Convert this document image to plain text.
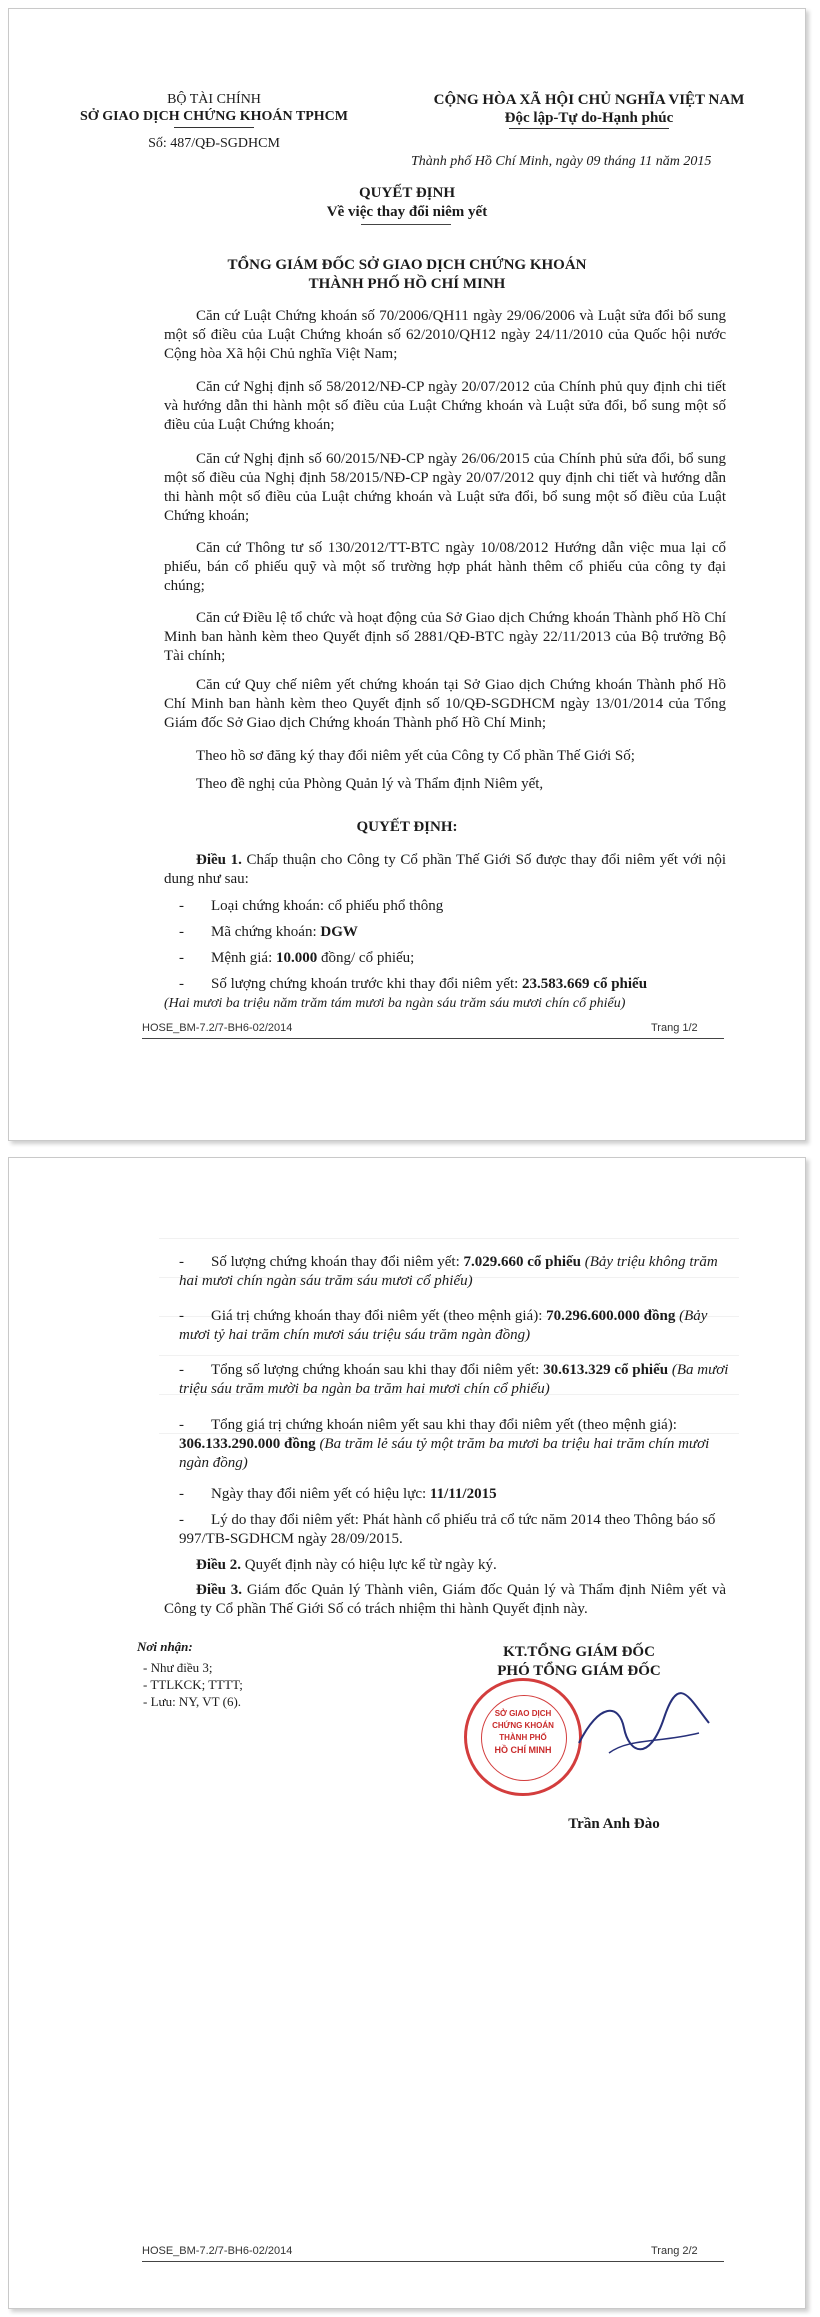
BỘ TÀI CHÍNH
SỞ GIAO DỊCH CHỨNG KHOÁN TPHCM
Số: 487/QĐ-SGDHCM
CỘNG HÒA XÃ HỘI CHỦ NGHĨA VIỆT NAM
Độc lập-Tự do-Hạnh phúc
Thành phố Hồ Chí Minh, ngày 09 tháng 11 năm 2015
QUYẾT ĐỊNH
Về việc thay đổi niêm yết
TỔNG GIÁM ĐỐC SỞ GIAO DỊCH CHỨNG KHOÁN
THÀNH PHỐ HỒ CHÍ MINH
Căn cứ Luật Chứng khoán số 70/2006/QH11 ngày 29/06/2006 và Luật sửa đổi bổ sung một số điều của Luật Chứng khoán số 62/2010/QH12 ngày 24/11/2010 của Quốc hội nước Cộng hòa Xã hội Chủ nghĩa Việt Nam;
Căn cứ Nghị định số 58/2012/NĐ-CP ngày 20/07/2012 của Chính phủ quy định chi tiết và hướng dẫn thi hành một số điều của Luật Chứng khoán và Luật sửa đổi, bổ sung một số điều của Luật Chứng khoán;
Căn cứ Nghị định số 60/2015/NĐ-CP ngày 26/06/2015 của Chính phủ sửa đổi, bổ sung một số điều của Nghị định 58/2015/NĐ-CP ngày 20/07/2012 quy định chi tiết và hướng dẫn thi hành một số điều của Luật chứng khoán và Luật sửa đổi, bổ sung một số điều của Luật Chứng khoán;
Căn cứ Thông tư số 130/2012/TT-BTC ngày 10/08/2012 Hướng dẫn việc mua lại cổ phiếu, bán cổ phiếu quỹ và một số trường hợp phát hành thêm cổ phiếu của công ty đại chúng;
Căn cứ Điều lệ tổ chức và hoạt động của Sở Giao dịch Chứng khoán Thành phố Hồ Chí Minh ban hành kèm theo Quyết định số 2881/QĐ-BTC ngày 22/11/2013 của Bộ trưởng Bộ Tài chính;
Căn cứ Quy chế niêm yết chứng khoán tại Sở Giao dịch Chứng khoán Thành phố Hồ Chí Minh ban hành kèm theo Quyết định số 10/QĐ-SGDHCM ngày 13/01/2014 của Tổng Giám đốc Sở Giao dịch Chứng khoán Thành phố Hồ Chí Minh;
Theo hồ sơ đăng ký thay đổi niêm yết của Công ty Cổ phần Thế Giới Số;
Theo đề nghị của Phòng Quản lý và Thẩm định Niêm yết,
QUYẾT ĐỊNH:
Điều 1. Chấp thuận cho Công ty Cổ phần Thế Giới Số được thay đổi niêm yết với nội dung như sau:
- Loại chứng khoán: cổ phiếu phổ thông
- Mã chứng khoán: DGW
- Mệnh giá: 10.000 đồng/ cổ phiếu;
- Số lượng chứng khoán trước khi thay đổi niêm yết: 23.583.669 cổ phiếu
(Hai mươi ba triệu năm trăm tám mươi ba ngàn sáu trăm sáu mươi chín cổ phiếu)
HOSE_BM-7.2/7-BH6-02/2014	Trang 1/2
- Số lượng chứng khoán thay đổi niêm yết: 7.029.660 cổ phiếu (Bảy triệu không trăm hai mươi chín ngàn sáu trăm sáu mươi cổ phiếu)
- Giá trị chứng khoán thay đổi niêm yết (theo mệnh giá): 70.296.600.000 đồng (Bảy mươi tỷ hai trăm chín mươi sáu triệu sáu trăm ngàn đồng)
- Tổng số lượng chứng khoán sau khi thay đổi niêm yết: 30.613.329 cổ phiếu (Ba mươi triệu sáu trăm mười ba ngàn ba trăm hai mươi chín cổ phiếu)
- Tổng giá trị chứng khoán niêm yết sau khi thay đổi niêm yết (theo mệnh giá): 306.133.290.000 đồng (Ba trăm lẻ sáu tỷ một trăm ba mươi ba triệu hai trăm chín mươi ngàn đồng)
- Ngày thay đổi niêm yết có hiệu lực: 11/11/2015
- Lý do thay đổi niêm yết: Phát hành cổ phiếu trả cổ tức năm 2014 theo Thông báo số 997/TB-SGDHCM ngày 28/09/2015.
Điều 2. Quyết định này có hiệu lực kể từ ngày ký.
Điều 3. Giám đốc Quản lý Thành viên, Giám đốc Quản lý và Thẩm định Niêm yết và Công ty Cổ phần Thế Giới Số có trách nhiệm thi hành Quyết định này.
Nơi nhận:
- Như điều 3;
- TTLKCK; TTTT;
- Lưu: NY, VT (6).
KT.TỔNG GIÁM ĐỐC
PHÓ TỔNG GIÁM ĐỐC
SỞ GIAO DỊCH
CHỨNG KHOÁN
THÀNH PHỐ
HỒ CHÍ MINH
Trần Anh Đào
HOSE_BM-7.2/7-BH6-02/2014	Trang 2/2
